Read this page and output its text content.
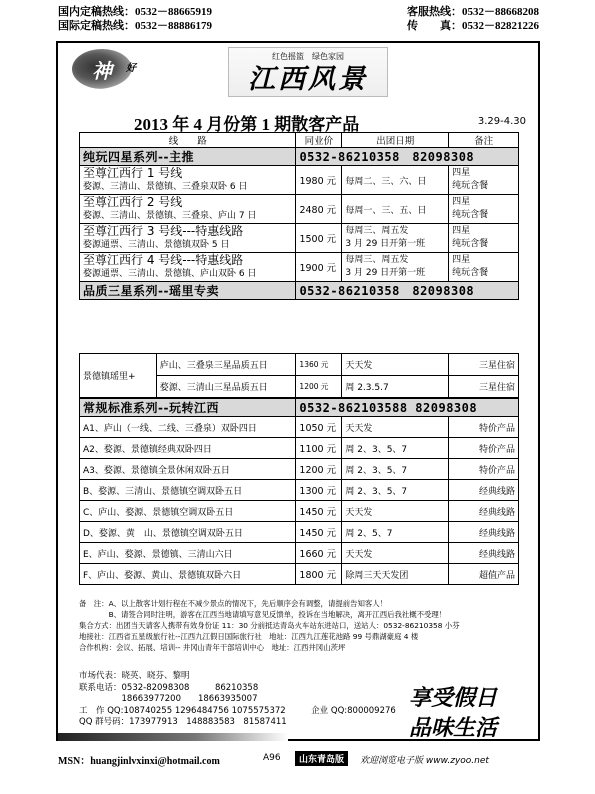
国内定稿热线：0532－88665919
国际定稿热线：0532－88886179
客服热线：0532－88668208
传　　真：0532－82821226
神 好
红色摇篮　绿色家园
江西风景
2013 年 4 月份第 1 期散客产品	3.29-4.30
线　　路	同业价	出团日期	备注
纯玩四星系列--主推	0532-86210358　82098308		

至尊江西行 1 号线
婺源、三清山、景德镇、三叠泉双卧 6 日	1980 元	每周二、三、六、日	四星
纯玩含餐

至尊江西行 2 号线
婺源、三清山、景德镇、三叠泉、庐山 7 日	2480 元	每周一、三、五、日	四星
纯玩含餐

至尊江西行 3 号线---特惠线路
婺源通票、三清山、景德镇双卧 5 日	1500 元	每周三、周五发
3 月 29 日开第一班	四星
纯玩含餐

至尊江西行 4 号线---特惠线路
婺源通票、三清山、景德镇、庐山双卧 6 日	1900 元	每周三、周五发
3 月 29 日开第一班	四星
纯玩含餐

品质三星系列--瑶里专卖	0532-86210358　82098308		
景德镇瑶里+	庐山、三叠泉三星品质五日	1360 元	天天发	三星住宿
	婺源、三清山三星品质五日	1200 元	周 2.3.5.7	三星住宿
常规标准系列--玩转江西	0532-862103588 82098308		
A1、庐山（一线、二线、三叠泉）双卧四日	1050 元	天天发	特价产品
A2、婺源、景德镇经典双卧四日	1100 元	周 2、3、5、7	特价产品
A3、婺源、景德镇全景休闲双卧五日	1200 元	周 2、3、5、7	特价产品
B、婺源、三清山、景德镇空调双卧五日	1300 元	周 2、3、5、7	经典线路
C、庐山、婺源、景德镇空调双卧五日	1450 元	天天发	经典线路
D、婺源、黄　山、景德镇空调双卧五日	1450 元	周 2、5、7	经典线路
E、庐山、婺源、景德镇、三清山六日	1660 元	天天发	经典线路
F、庐山、婺源、黄山、景德镇双卧六日	1800 元	除周三天天发团	超值产品
备　注：A、以上散客计划行程在不减少景点的情况下，先后顺序会有调整，请提前告知客人！
　　　　B、请签合同时注明，游客在江西当地请填写意见反馈单，投诉在当地解决，离开江西后我社概不受理！
集合方式：出团当天请客人携带有效身份证 11：30 分前抵达青岛火车站东进站口，送站人：0532-86210358 小芬
地接社：江西省五星级旅行社--江西九江假日国际旅行社　地址：江西九江莲花池路 99 号鼎湖豪庭 4 楼
合作机构：会议、拓展、培训-- 井冈山青年干部培训中心　地址：江西井冈山茨坪
市场代表：晓英、晓芬、黎明
联系电话：0532-82098308　　　86210358
　　　　　18663977200　　18663935007
工　作 QQ:108740255 1296484756 1075575372　　　企业 QQ:800009276
QQ 群号码：173977913　148883583　81587411
享受假日
品味生活
MSN：huangjinlvxinxi@hotmail.com	A96	山东青岛版	欢迎浏览电子版 www.zyoo.net
